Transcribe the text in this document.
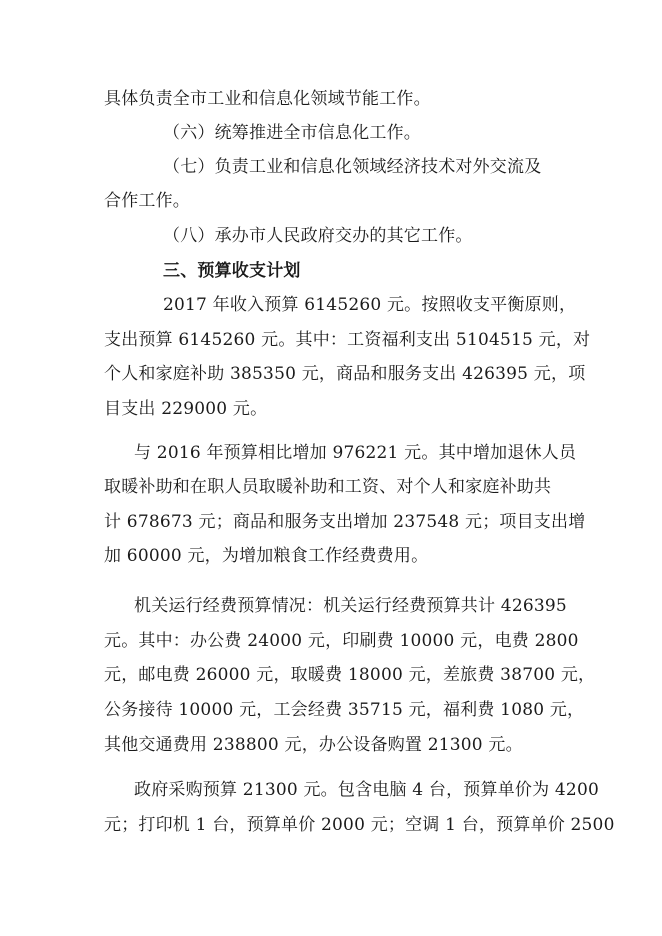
具体负责全市工业和信息化领域节能工作。
（六）统筹推进全市信息化工作。
（七）负责工业和信息化领域经济技术对外交流及
合作工作。
（八）承办市人民政府交办的其它工作。
三、预算收支计划
2017 年收入预算 6145260 元。按照收支平衡原则，
支出预算 6145260 元。其中：工资福利支出 5104515 元，对
个人和家庭补助 385350 元，商品和服务支出 426395 元，项
目支出 229000 元。
与 2016 年预算相比增加 976221 元。其中增加退休人员
取暖补助和在职人员取暖补助和工资、对个人和家庭补助共
计 678673 元；商品和服务支出增加 237548 元；项目支出增
加 60000 元，为增加粮食工作经费费用。
机关运行经费预算情况：机关运行经费预算共计 426395
元。其中：办公费 24000 元，印刷费 10000 元，电费 2800
元，邮电费 26000 元，取暖费 18000 元，差旅费 38700 元，
公务接待 10000 元，工会经费 35715 元，福利费 1080 元，
其他交通费用 238800 元，办公设备购置 21300 元。
政府采购预算 21300 元。包含电脑 4 台，预算单价为 4200
元；打印机 1 台，预算单价 2000 元；空调 1 台，预算单价 2500
